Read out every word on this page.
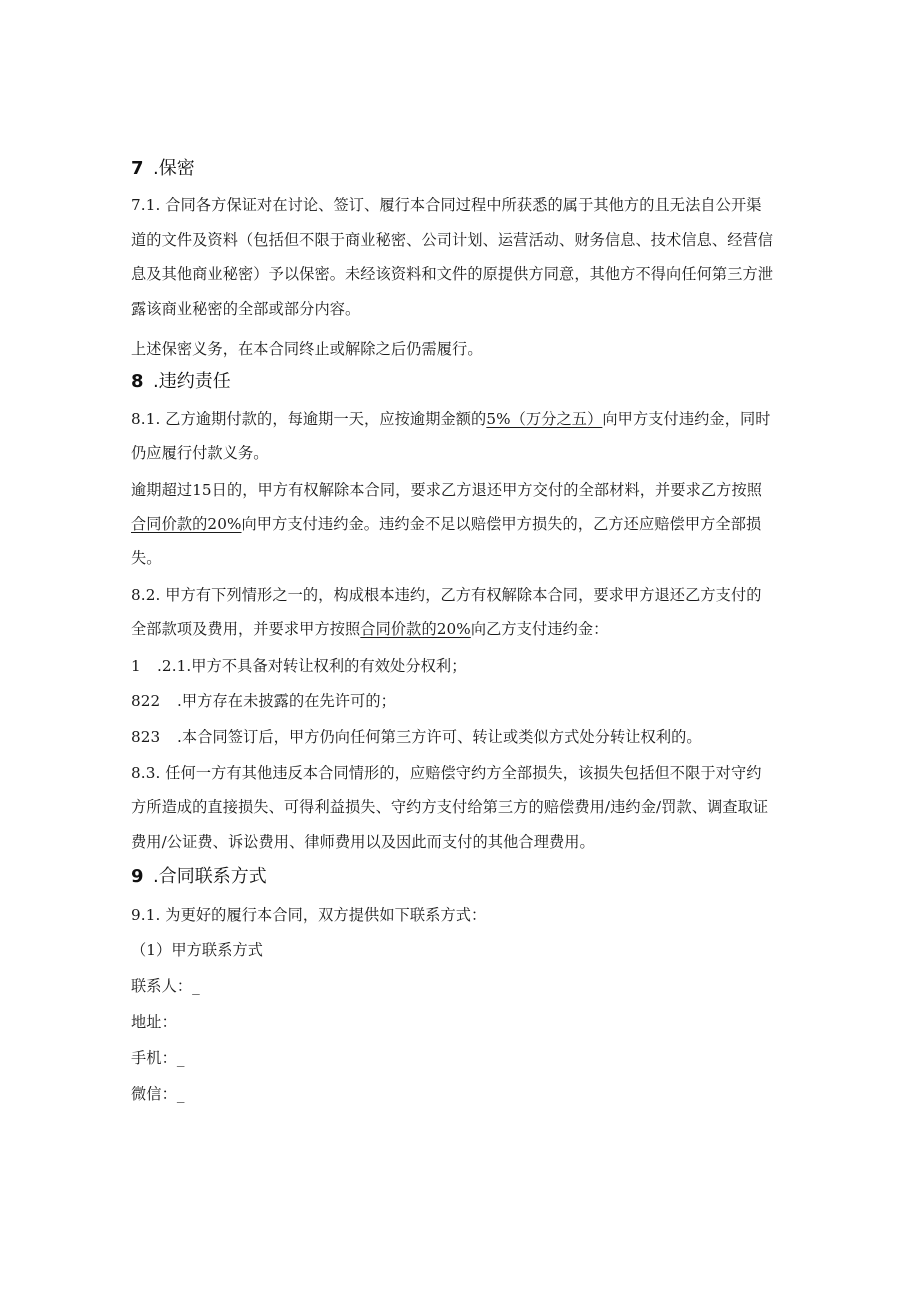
7 .保密
7.1. 合同各方保证对在讨论、签订、履行本合同过程中所获悉的属于其他方的且无法自公开渠
道的文件及资料（包括但不限于商业秘密、公司计划、运营活动、财务信息、技术信息、经营信
息及其他商业秘密）予以保密。未经该资料和文件的原提供方同意，其他方不得向任何第三方泄
露该商业秘密的全部或部分内容。
上述保密义务，在本合同终止或解除之后仍需履行。
8 .违约责任
8.1. 乙方逾期付款的，每逾期一天，应按逾期金额的5%（万分之五）向甲方支付违约金，同时
仍应履行付款义务。
逾期超过15日的，甲方有权解除本合同，要求乙方退还甲方交付的全部材料，并要求乙方按照
合同价款的20%向甲方支付违约金。违约金不足以赔偿甲方损失的，乙方还应赔偿甲方全部损
失。
8.2. 甲方有下列情形之一的，构成根本违约，乙方有权解除本合同，要求甲方退还乙方支付的
全部款项及费用，并要求甲方按照合同价款的20%向乙方支付违约金：
1 .2.1.甲方不具备对转让权利的有效处分权利；
822 .甲方存在未披露的在先许可的；
823 .本合同签订后，甲方仍向任何第三方许可、转让或类似方式处分转让权利的。
8.3. 任何一方有其他违反本合同情形的，应赔偿守约方全部损失，该损失包括但不限于对守约
方所造成的直接损失、可得利益损失、守约方支付给第三方的赔偿费用/违约金/罚款、调查取证
费用/公证费、诉讼费用、律师费用以及因此而支付的其他合理费用。
9 .合同联系方式
9.1. 为更好的履行本合同，双方提供如下联系方式：
（1）甲方联系方式
联系人：_
地址：
手机：_
微信：_
